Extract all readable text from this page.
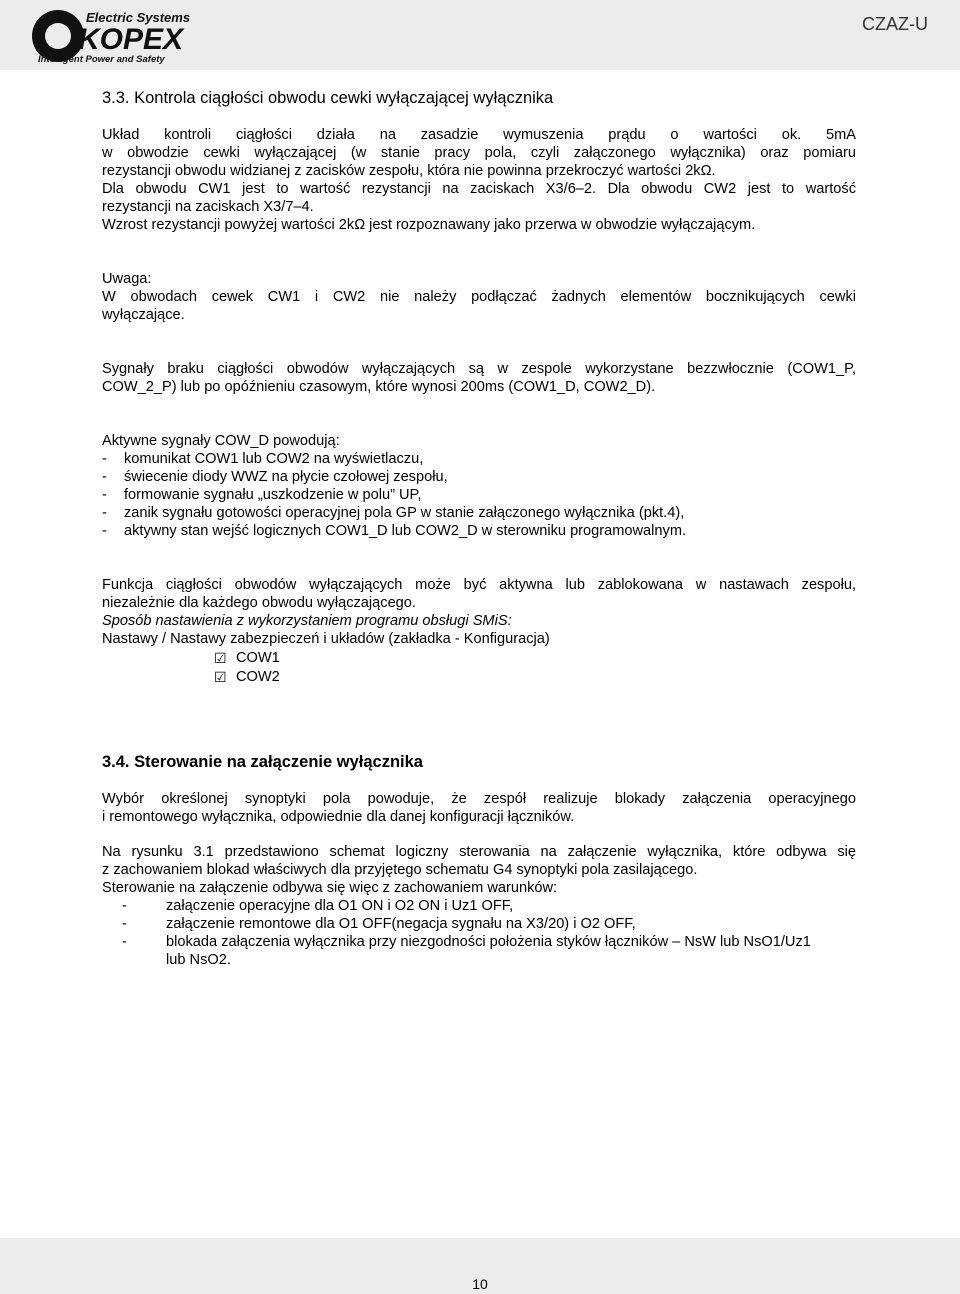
Electric Systems
KOPEX
Intelligent Power and Safety
CZAZ-U

3.3. Kontrola ciągłości obwodu cewki wyłączającej wyłącznika

Układ kontroli ciągłości działa na zasadzie wymuszenia prądu o wartości ok. 5mA

w obwodzie cewki wyłączającej (w stanie pracy pola, czyli załączonego wyłącznika) oraz pomiaru

rezystancji obwodu widzianej z zacisków zespołu, która nie powinna przekroczyć wartości 2kΩ.

Dla obwodu CW1 jest to wartość rezystancji na zaciskach X3/6–2. Dla obwodu CW2 jest to wartość

rezystancji na zaciskach X3/7–4.

Wzrost rezystancji powyżej wartości 2kΩ jest rozpoznawany jako przerwa w obwodzie wyłączającym.

Uwaga:

W obwodach cewek CW1 i CW2 nie należy podłączać żadnych elementów bocznikujących cewki

wyłączające.

Sygnały braku ciągłości obwodów wyłączających są w zespole wykorzystane bezzwłocznie (COW1_P,

COW_2_P) lub po opóźnieniu czasowym, które wynosi 200ms (COW1_D, COW2_D).

Aktywne sygnały COW_D powodują:

-	komunikat COW1 lub COW2 na wyświetlaczu,
-	świecenie diody WWZ na płycie czołowej zespołu,
-	formowanie sygnału „uszkodzenie w polu” UP,
-	zanik sygnału gotowości operacyjnej pola GP w stanie załączonego wyłącznika (pkt.4),
-	aktywny stan wejść logicznych COW1_D lub COW2_D w sterowniku programowalnym.

Funkcja ciągłości obwodów wyłączających może być aktywna lub zablokowana w nastawach zespołu,

niezależnie dla każdego obwodu wyłączającego.

Sposób nastawienia z wykorzystaniem programu obsługi SMiS:

Nastawy / Nastawy zabezpieczeń i układów (zakładka - Konfiguracja)

☑ COW1
☑ COW2

3.4. Sterowanie na załączenie wyłącznika

Wybór określonej synoptyki pola powoduje, że zespół realizuje blokady załączenia operacyjnego

i remontowego wyłącznika, odpowiednie dla danej konfiguracji łączników.

Na rysunku 3.1 przedstawiono schemat logiczny sterowania na załączenie wyłącznika, które odbywa się

z zachowaniem blokad właściwych dla przyjętego schematu G4 synoptyki pola zasilającego.

Sterowanie na załączenie odbywa się więc z zachowaniem warunków:

-	załączenie operacyjne dla O1 ON i O2 ON i Uz1 OFF,
-	załączenie remontowe dla O1 OFF(negacja sygnału na X3/20) i O2 OFF,
-	blokada załączenia wyłącznika przy niezgodności położenia styków łączników – NsW lub NsO1/Uz1 lub NsO2.
10
